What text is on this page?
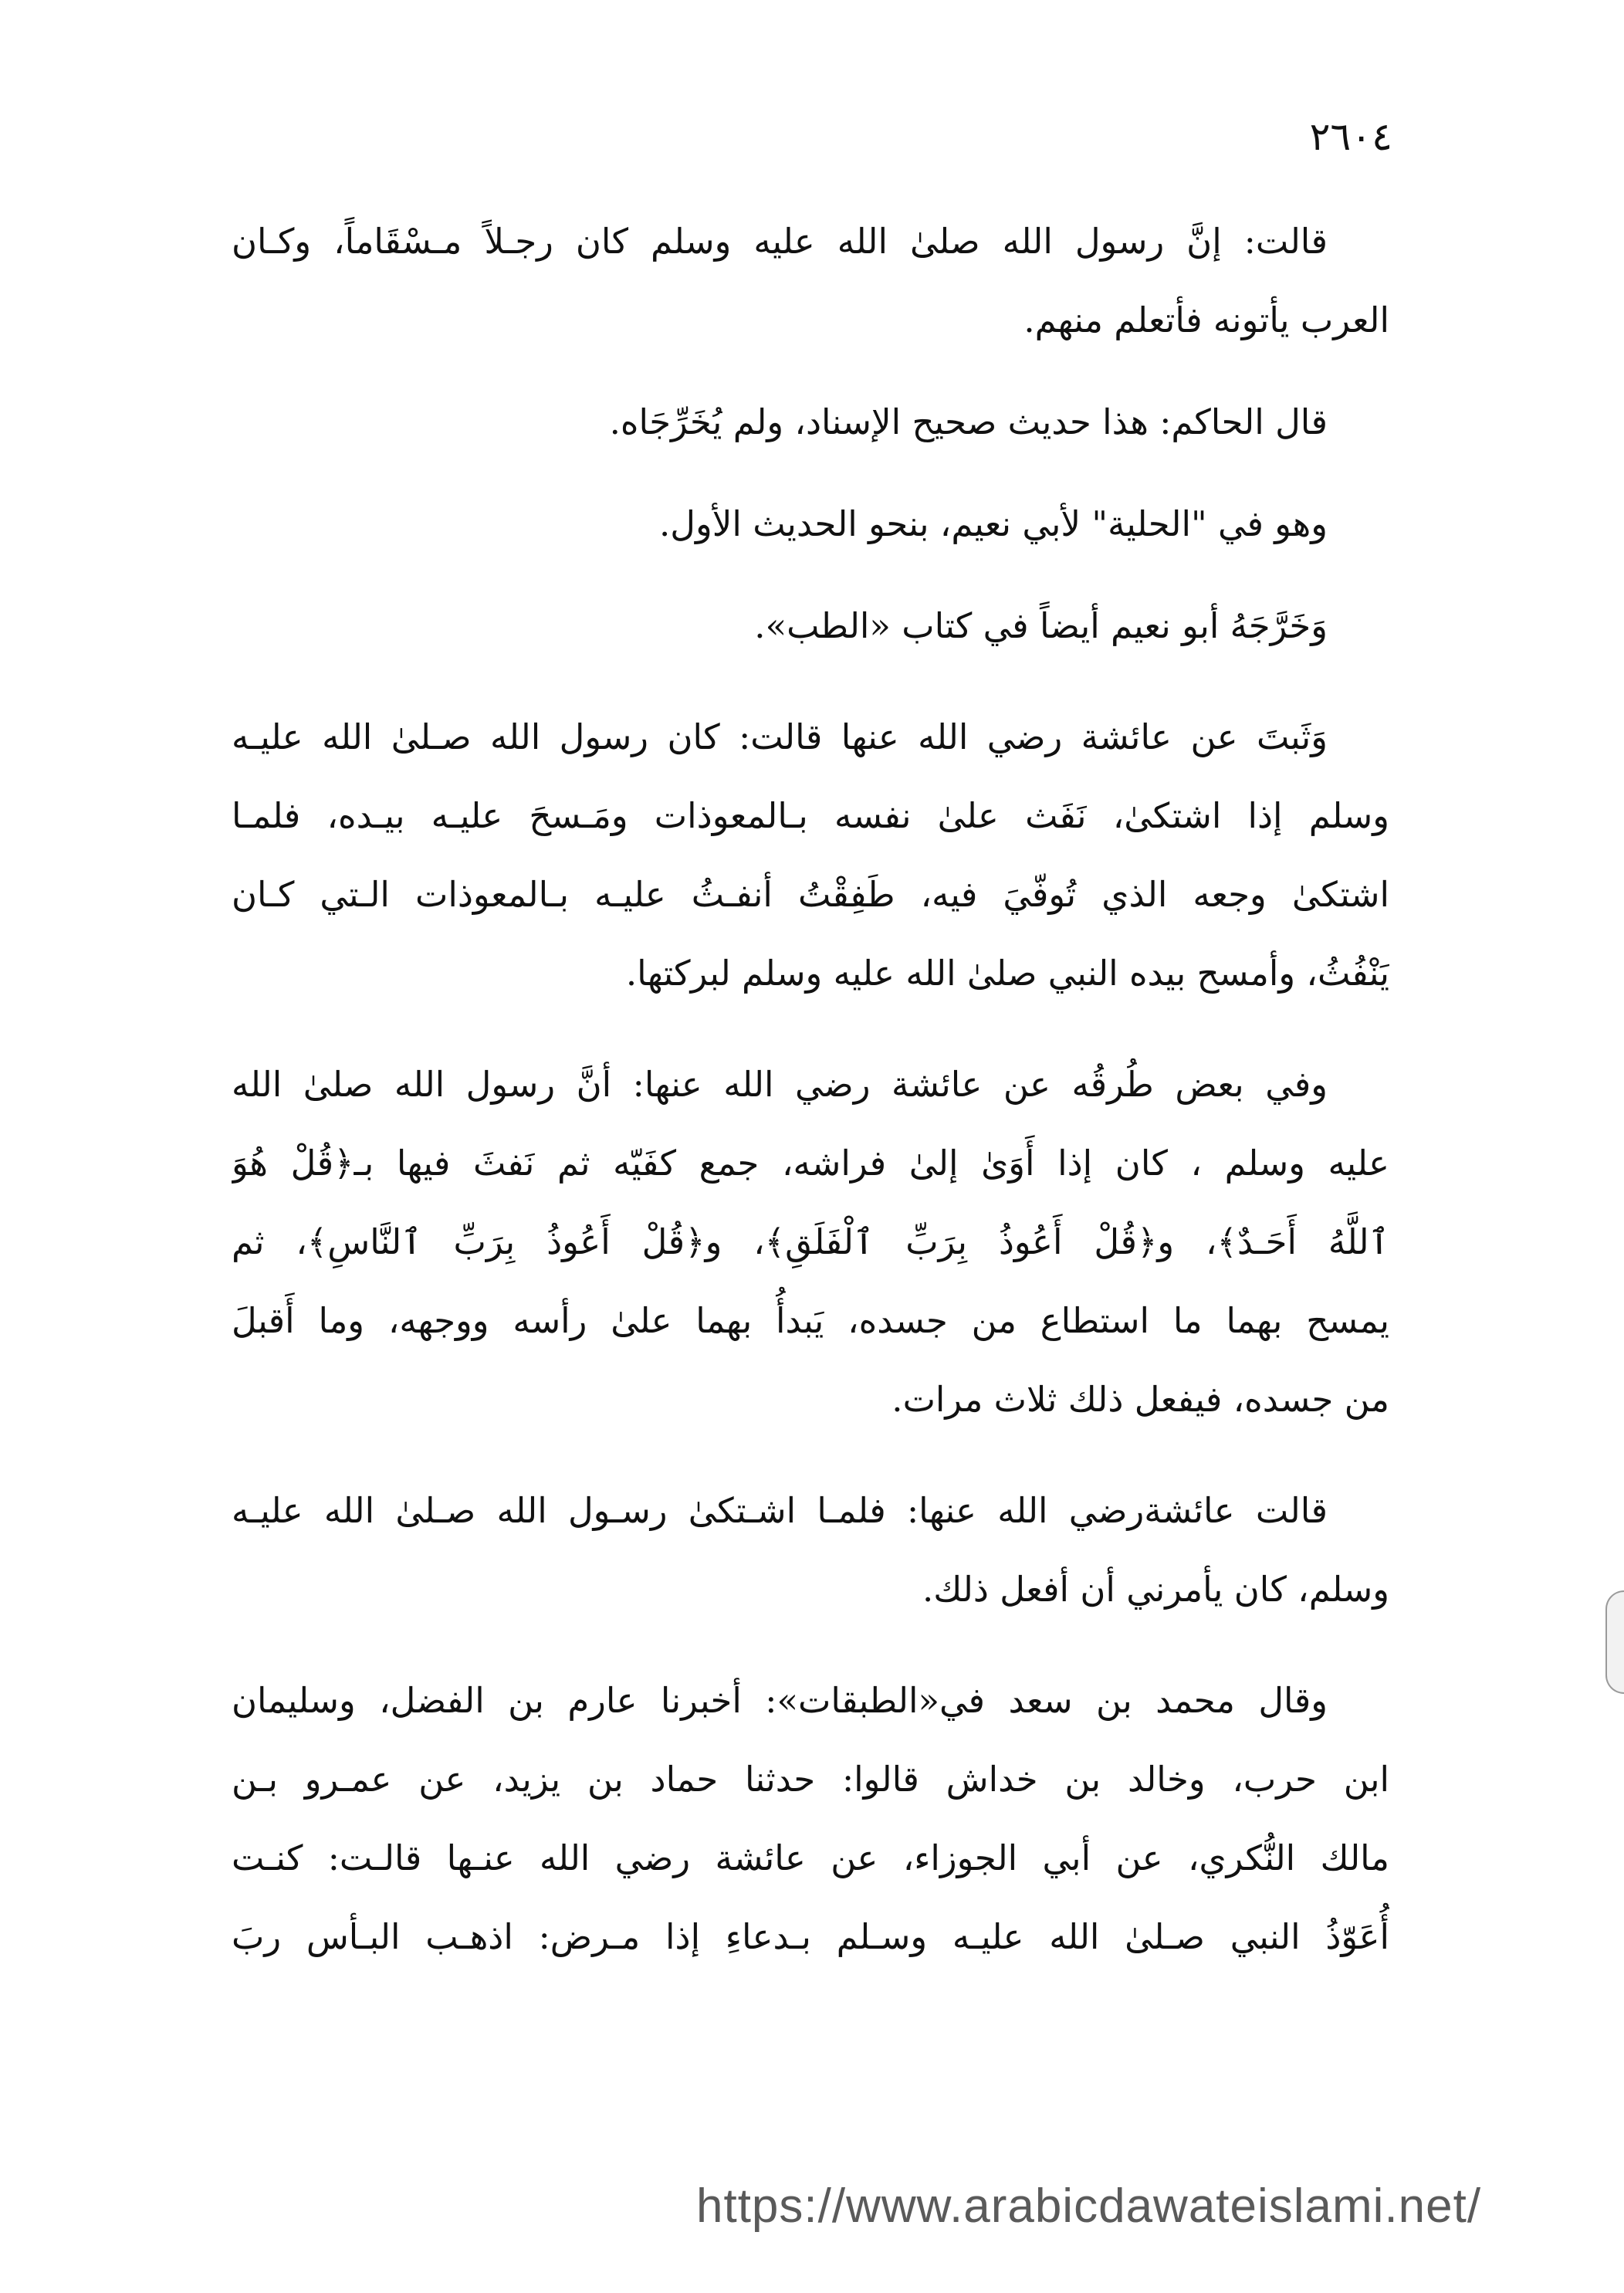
٢٦٠٤
قالت: إنَّ رسول الله صلىٰ الله عليه وسلم كان رجـلاً مـسْقَاماً، وكـان
العرب يأتونه فأتعلم منهم.
قال الحاكم: هذا حديث صحيح الإسناد، ولم يُخَرِّجَاه.
وهو في "الحلية" لأبي نعيم، بنحو الحديث الأول.
وَخَرَّجَهُ أبو نعيم أيضاً في كتاب «الطب».
وَثَبتَ عن عائشة رضي الله عنها قالت: كان رسول الله صـلىٰ الله عليـه
وسلم إذا اشتكىٰ، نَفَث علىٰ نفسه بـالمعوذات ومَـسحَ عليـه بيـده، فلمـا
اشتكىٰ وجعه الذي تُوفّيَ فيه، طَفِقْتُ أنفـثُ عليـه بـالمعوذات الـتي كـان
يَنْفُثُ، وأمسح بيده النبي صلىٰ الله عليه وسلم لبركتها.
وفي بعض طُرقُه عن عائشة رضي الله عنها: أنَّ رسول الله صلىٰ الله
عليه وسلم ، كان إذا أَوَىٰ إلىٰ فراشه، جمع كفَيّه ثم نَفثَ فيها بـ﴿قُلْ هُوَ
ٱللَّهُ أَحَـدٌ﴾، و﴿قُلْ أَعُوذُ بِرَبِّ ٱلْفَلَقِ﴾، و﴿قُلْ أَعُوذُ بِرَبِّ ٱلنَّاسِ﴾، ثم
يمسح بهما ما استطاع من جسده، يَبدأُ بهما علىٰ رأسه ووجهه، وما أَقبلَ
من جسده، فيفعل ذلك ثلاث مرات.
قالت عائشةرضي الله عنها: فلمـا اشـتكىٰ رسـول الله صـلىٰ الله عليـه
وسلم، كان يأمرني أن أفعل ذلك.
وقال محمد بن سعد في«الطبقات»: أخبرنا عارم بن الفضل، وسليمان
ابن حرب، وخالد بن خداش قالوا: حدثنا حماد بن يزيد، عن عمـرو بـن
مالك النُّكري، عن أبي الجوزاء، عن عائشة رضي الله عنـها قالـت: كنـت
أُعَوّذُ النبي صـلىٰ الله عليـه وسـلم بـدعاءِ إذا مـرض: اذهـب البـأس ربَ
https://www.arabicdawateislami.net/
